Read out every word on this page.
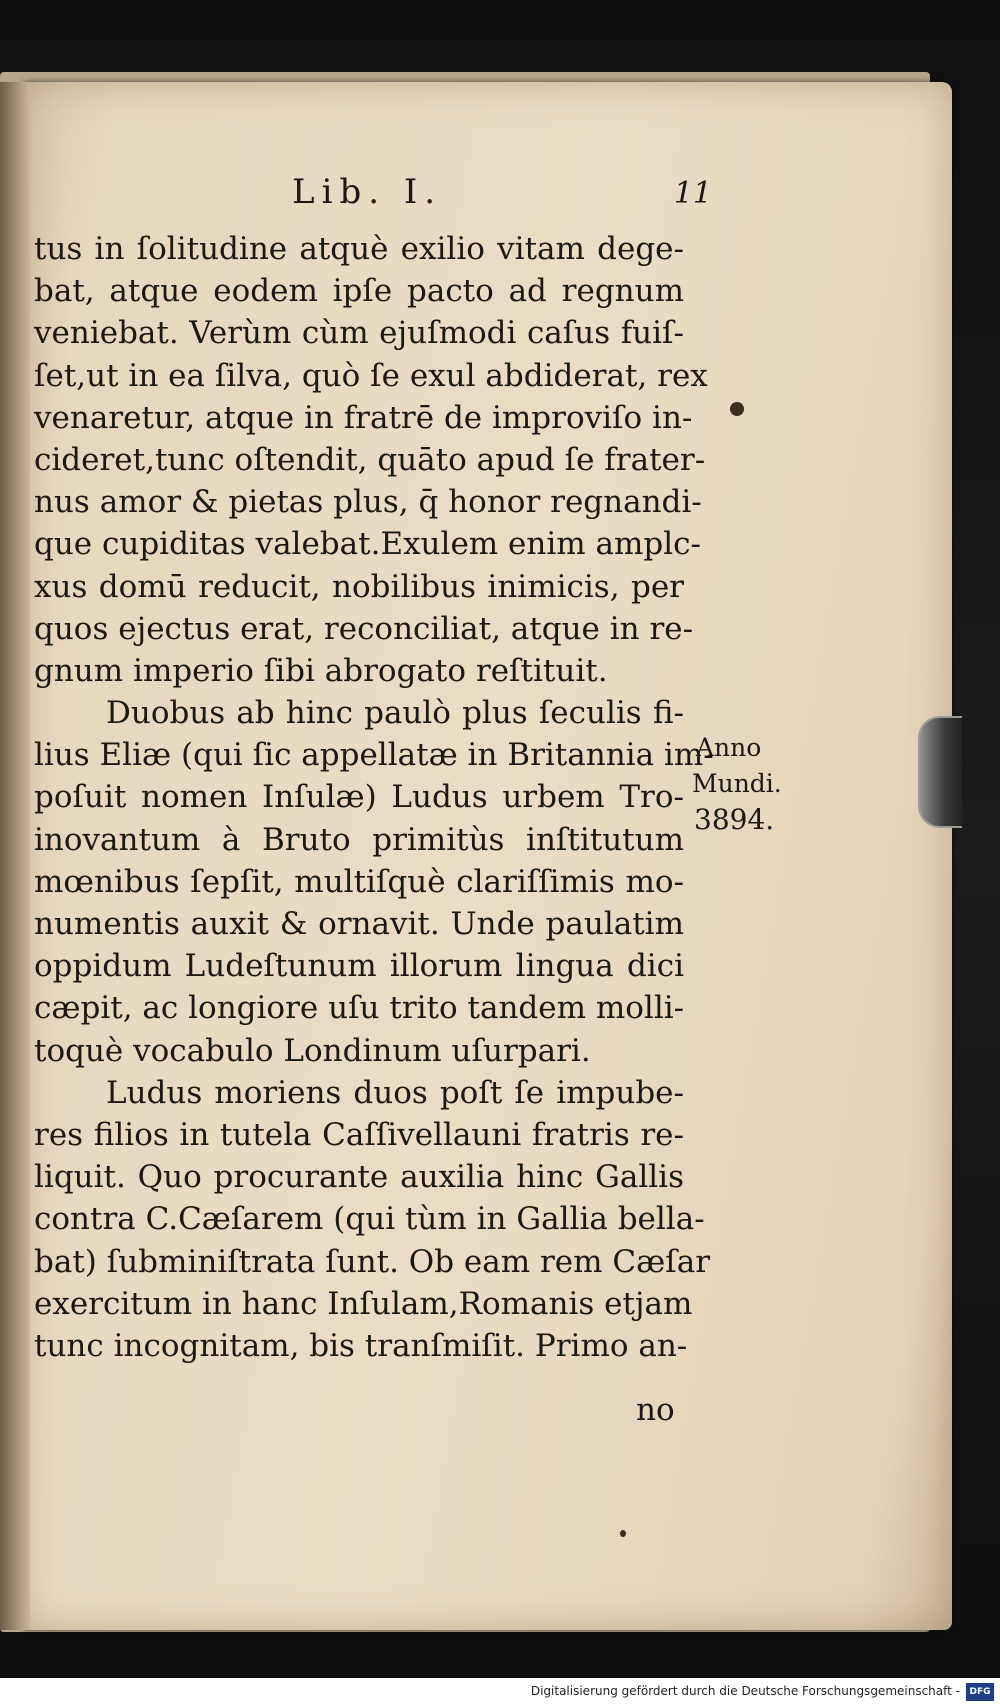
Lib. I.	11
tus in ſolitudine atquè exilio vitam dege-
bat, atque eodem ipſe pacto ad regnum
veniebat. Verùm cùm ejuſmodi caſus fuiſ-
ſet,ut in ea ſilva, quò ſe exul abdiderat, rex
venaretur, atque in fratrē de improviſo in-
cideret,tunc oſtendit, quāto apud ſe frater-
nus amor & pietas plus, q̄ honor regnandi-
que cupiditas valebat.Exulem enim amplc-
xus domū reducit, nobilibus inimicis, per
quos ejectus erat, reconciliat, atque in re-
gnum imperio ſibi abrogato reſtituit.
Duobus ab hinc paulò plus ſeculis fi-
lius Eliæ (qui ſic appellatæ in Britannia im-
poſuit nomen Inſulæ) Ludus urbem Tro-
inovantum à Bruto primitùs inſtitutum
mœnibus ſepſit, multiſquè clariſſimis mo-
numentis auxit & ornavit. Unde paulatim
oppidum Ludeſtunum illorum lingua dici
cæpit, ac longiore uſu trito tandem molli-
toquè vocabulo Londinum uſurpari.
Ludus moriens duos poſt ſe impube-
res filios in tutela Caſſivellauni fratris re-
liquit. Quo procurante auxilia hinc Gallis
contra C.Cæſarem (qui tùm in Gallia bella-
bat) ſubminiſtrata ſunt. Ob eam rem Cæſar
exercitum in hanc Inſulam,Romanis etjam
tunc incognitam, bis tranſmiſit. Primo an-
no
Anno
Mundi.
3894.
Digitalisierung gefördert durch die Deutsche Forschungsgemeinschaft -	DFG
